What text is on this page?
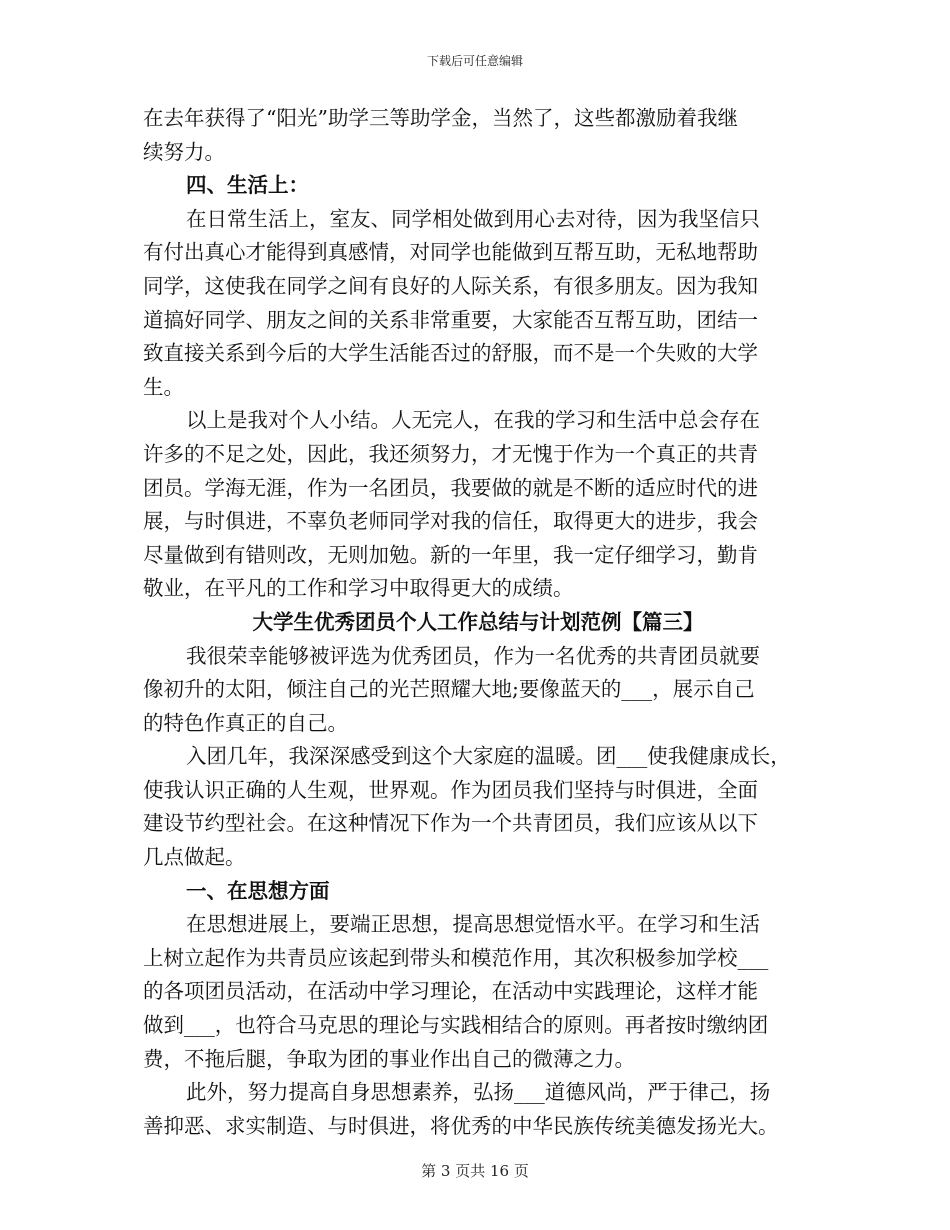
下载后可任意编辑
在去年获得了“阳光”助学三等助学金，当然了，这些都激励着我继
续努力。
四、生活上：
在日常生活上，室友、同学相处做到用心去对待，因为我坚信只
有付出真心才能得到真感情，对同学也能做到互帮互助，无私地帮助
同学，这使我在同学之间有良好的人际关系，有很多朋友。因为我知
道搞好同学、朋友之间的关系非常重要，大家能否互帮互助，团结一
致直接关系到今后的大学生活能否过的舒服，而不是一个失败的大学
生。
以上是我对个人小结。人无完人，在我的学习和生活中总会存在
许多的不足之处，因此，我还须努力，才无愧于作为一个真正的共青
团员。学海无涯，作为一名团员，我要做的就是不断的适应时代的进
展，与时俱进，不辜负老师同学对我的信任，取得更大的进步，我会
尽量做到有错则改，无则加勉。新的一年里，我一定仔细学习，勤肯
敬业，在平凡的工作和学习中取得更大的成绩。
大学生优秀团员个人工作总结与计划范例【篇三】
我很荣幸能够被评选为优秀团员，作为一名优秀的共青团员就要
像初升的太阳，倾注自己的光芒照耀大地;要像蓝天的___，展示自己
的特色作真正的自己。
入团几年，我深深感受到这个大家庭的温暖。团___使我健康成长，
使我认识正确的人生观，世界观。作为团员我们坚持与时俱进，全面
建设节约型社会。在这种情况下作为一个共青团员，我们应该从以下
几点做起。
一、在思想方面
在思想进展上，要端正思想，提高思想觉悟水平。在学习和生活
上树立起作为共青员应该起到带头和模范作用，其次积极参加学校___
的各项团员活动，在活动中学习理论，在活动中实践理论，这样才能
做到___，也符合马克思的理论与实践相结合的原则。再者按时缴纳团
费，不拖后腿，争取为团的事业作出自己的微薄之力。
此外，努力提高自身思想素养，弘扬___道德风尚，严于律己，扬
善抑恶、求实制造、与时俱进，将优秀的中华民族传统美德发扬光大。
第 3 页共 16 页
